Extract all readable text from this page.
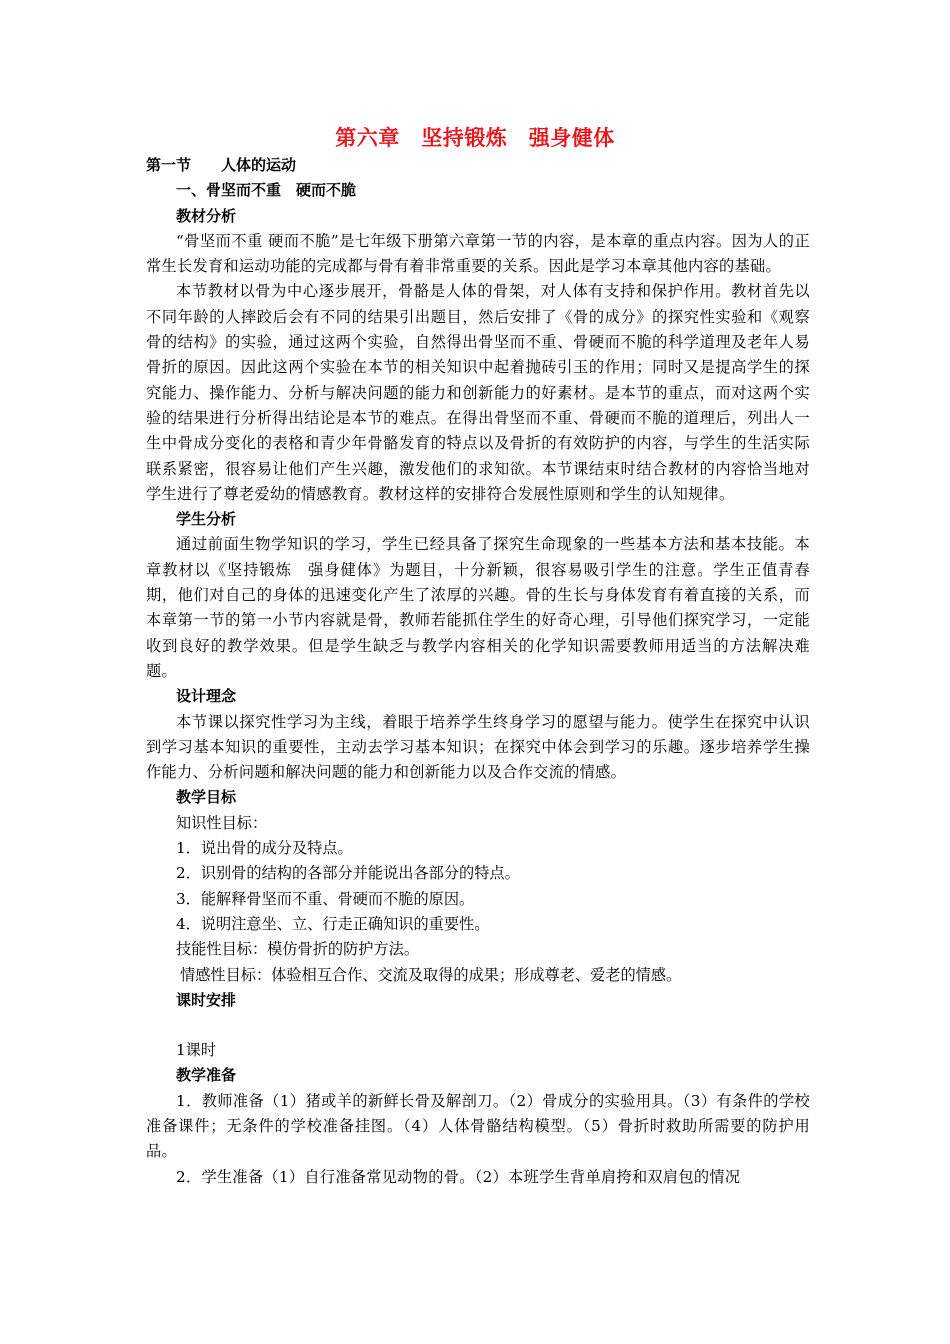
第六章　坚持锻炼　强身健体
第一节　　人体的运动
一、骨坚而不重　硬而不脆
教材分析

“骨坚而不重 硬而不脆”是七年级下册第六章第一节的内容，是本章的重点内容。因为人的正常生长发育和运动功能的完成都与骨有着非常重要的关系。因此是学习本章其他内容的基础。

本节教材以骨为中心逐步展开，骨骼是人体的骨架，对人体有支持和保护作用。教材首先以不同年龄的人摔跤后会有不同的结果引出题目，然后安排了《骨的成分》的探究性实验和《观察骨的结构》的实验，通过这两个实验，自然得出骨坚而不重、骨硬而不脆的科学道理及老年人易骨折的原因。因此这两个实验在本节的相关知识中起着抛砖引玉的作用；同时又是提高学生的探究能力、操作能力、分析与解决问题的能力和创新能力的好素材。是本节的重点，而对这两个实验的结果进行分析得出结论是本节的难点。在得出骨坚而不重、骨硬而不脆的道理后，列出人一生中骨成分变化的表格和青少年骨骼发育的特点以及骨折的有效防护的内容，与学生的生活实际联系紧密，很容易让他们产生兴趣，激发他们的求知欲。本节课结束时结合教材的内容恰当地对学生进行了尊老爱幼的情感教育。教材这样的安排符合发展性原则和学生的认知规律。

学生分析

通过前面生物学知识的学习，学生已经具备了探究生命现象的一些基本方法和基本技能。本章教材以《坚持锻炼　强身健体》为题目，十分新颖，很容易吸引学生的注意。学生正值青春期，他们对自己的身体的迅速变化产生了浓厚的兴趣。骨的生长与身体发育有着直接的关系，而本章第一节的第一小节内容就是骨，教师若能抓住学生的好奇心理，引导他们探究学习，一定能收到良好的教学效果。但是学生缺乏与教学内容相关的化学知识需要教师用适当的方法解决难题。

设计理念

本节课以探究性学习为主线，着眼于培养学生终身学习的愿望与能力。使学生在探究中认识到学习基本知识的重要性，主动去学习基本知识；在探究中体会到学习的乐趣。逐步培养学生操作能力、分析问题和解决问题的能力和创新能力以及合作交流的情感。

教学目标

知识性目标：

1．说出骨的成分及特点。

2．识别骨的结构的各部分并能说出各部分的特点。

3．能解释骨坚而不重、骨硬而不脆的原因。

4．说明注意坐、立、行走正确知识的重要性。

技能性目标：模仿骨折的防护方法。

情感性目标：体验相互合作、交流及取得的成果；形成尊老、爱老的情感。

课时安排

1课时

教学准备

1．教师准备（1）猪或羊的新鲜长骨及解剖刀。（2）骨成分的实验用具。（3）有条件的学校准备课件；无条件的学校准备挂图。（4）人体骨骼结构模型。（5）骨折时救助所需要的防护用品。

2．学生准备（1）自行准备常见动物的骨。（2）本班学生背单肩挎和双肩包的情况
